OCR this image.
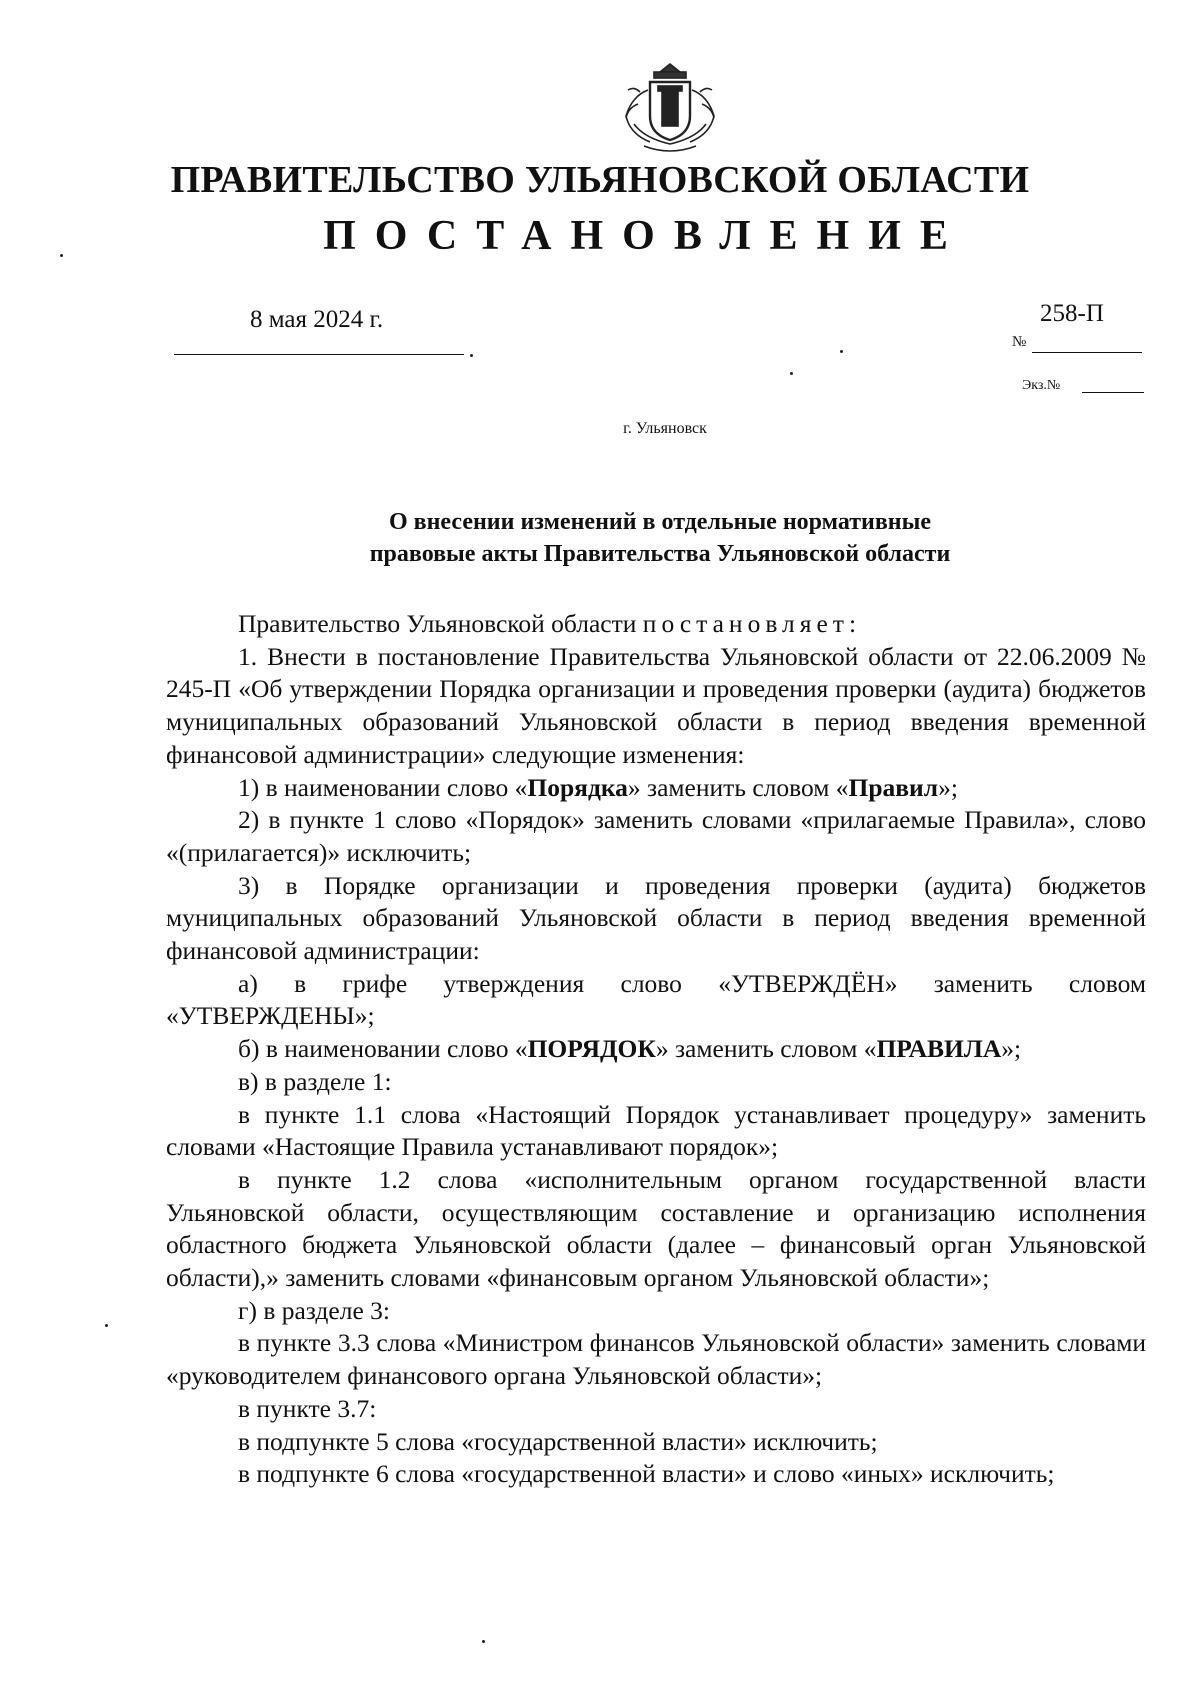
ПРАВИТЕЛЬСТВО УЛЬЯНОВСКОЙ ОБЛАСТИ
ПОСТАНОВЛЕНИЕ
8 мая 2024 г.	258-П
№
Экз.№
г. Ульяновск
О внесении изменений в отдельные нормативные
правовые акты Правительства Ульяновской области

Правительство Ульяновской области постановляет:

1. Внести в постановление Правительства Ульяновской области от 22.06.2009 № 245-П «Об утверждении Порядка организации и проведения проверки (аудита) бюджетов муниципальных образований Ульяновской области в период введения временной финансовой администрации» следующие изменения:

1) в наименовании слово «Порядка» заменить словом «Правил»;

2) в пункте 1 слово «Порядок» заменить словами «прилагаемые Правила», слово «(прилагается)» исключить;

3) в Порядке организации и проведения проверки (аудита) бюджетов муниципальных образований Ульяновской области в период введения временной финансовой администрации:

а) в грифе утверждения слово «УТВЕРЖДЁН» заменить словом «УТВЕРЖДЕНЫ»;

б) в наименовании слово «ПОРЯДОК» заменить словом «ПРАВИЛА»;

в) в разделе 1:

в пункте 1.1 слова «Настоящий Порядок устанавливает процедуру» заменить словами «Настоящие Правила устанавливают порядок»;

в пункте 1.2 слова «исполнительным органом государственной власти Ульяновской области, осуществляющим составление и организацию исполнения областного бюджета Ульяновской области (далее – финансовый орган Ульяновской области),» заменить словами «финансовым органом Ульяновской области»;

г) в разделе 3:

в пункте 3.3 слова «Министром финансов Ульяновской области» заменить словами «руководителем финансового органа Ульяновской области»;

в пункте 3.7:

в подпункте 5 слова «государственной власти» исключить;

в подпункте 6 слова «государственной власти» и слово «иных» исключить;
